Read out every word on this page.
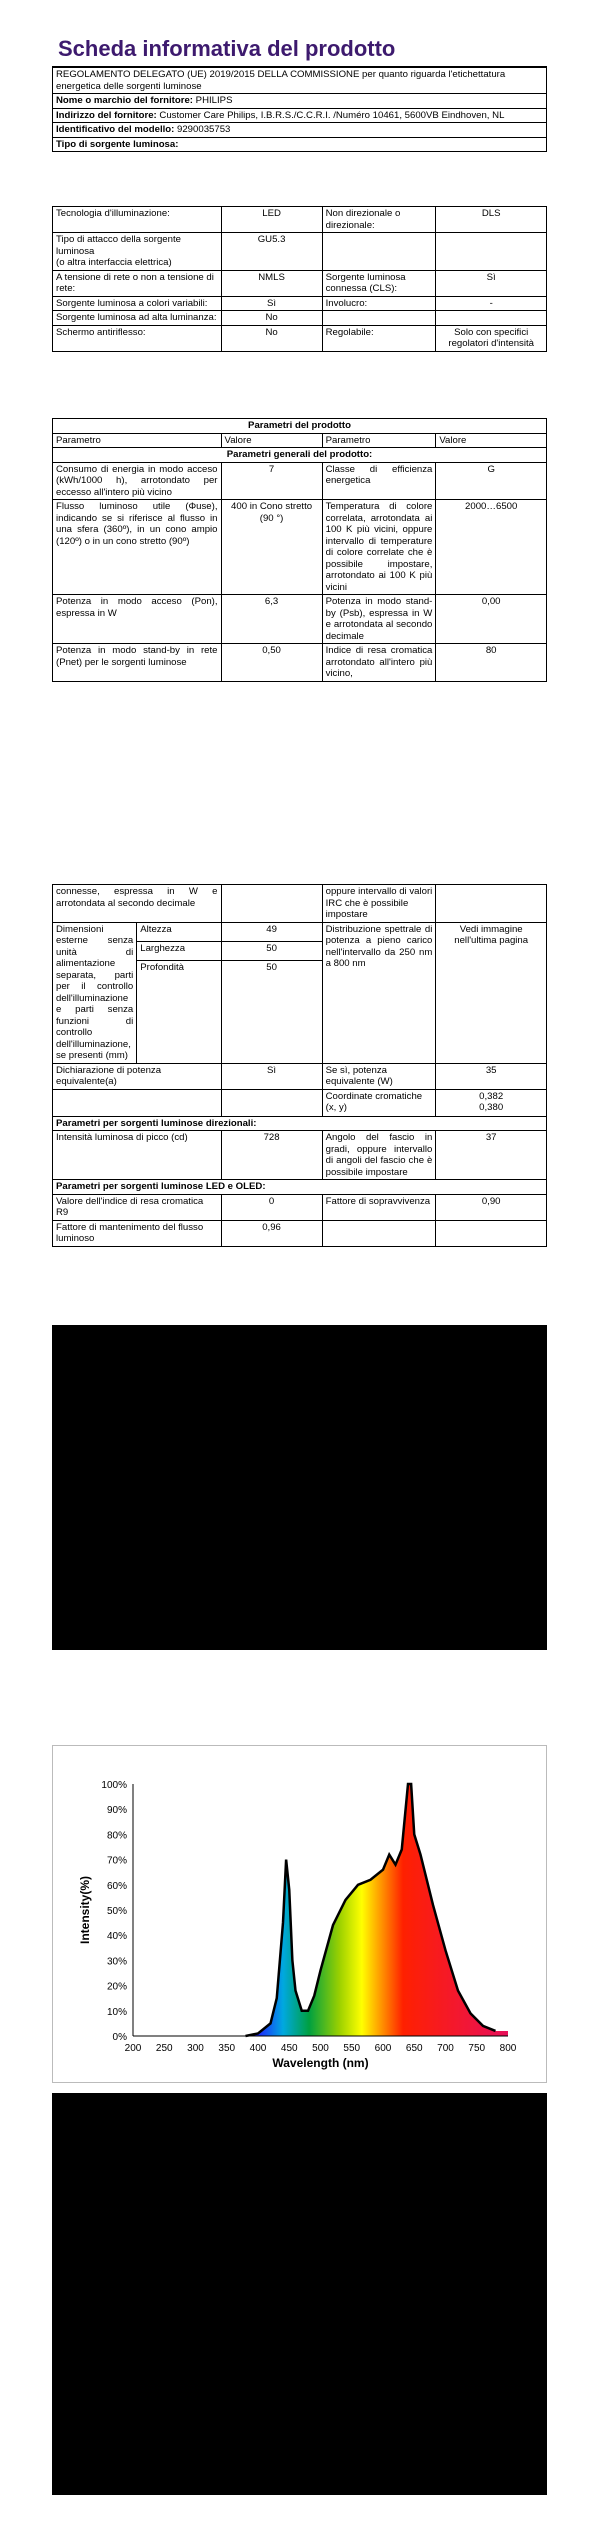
Scheda informativa del prodotto
REGOLAMENTO DELEGATO (UE) 2019/2015 DELLA COMMISSIONE per quanto riguarda l'etichettatura energetica delle sorgenti luminose
Nome o marchio del fornitore: PHILIPS
Indirizzo del fornitore: Customer Care Philips, I.B.R.S./C.C.R.I. /Numéro 10461, 5600VB Eindhoven, NL
Identificativo del modello: 9290035753
Tipo di sorgente luminosa:
Tecnologia d'illuminazione:	LED	Non direzionale o direzionale:	DLS
Tipo di attacco della sorgente luminosa
(o altra interfaccia elettrica)	GU5.3		
A tensione di rete o non a tensione di rete:	NMLS	Sorgente luminosa connessa (CLS):	Sì
Sorgente luminosa a colori variabili:	Sì	Involucro:	-
Sorgente luminosa ad alta luminanza:	No		
Schermo antiriflesso:	No	Regolabile:	Solo con specifici regolatori d'intensità
Parametri del prodotto			
Parametro	Valore	Parametro	Valore
Parametri generali del prodotto:			
Consumo di energia in modo acceso (kWh/1000 h), arrotondato per eccesso all'intero più vicino	7	Classe di efficienza energetica	G
Flusso luminoso utile (Φuse), indicando se si riferisce al flusso in una sfera (360º), in un cono ampio (120º) o in un cono stretto (90º)	400 in Cono stretto (90 °)	Temperatura di colore correlata, arrotondata ai 100 K più vicini, oppure intervallo di temperature di colore correlate che è possibile impostare, arrotondato ai 100 K più vicini	2000…6500
Potenza in modo acceso (Pon), espressa in W	6,3	Potenza in modo stand-by (Psb), espressa in W e arrotondata al secondo decimale	0,00
Potenza in modo stand-by in rete (Pnet) per le sorgenti luminose	0,50	Indice di resa cromatica arrotondato all'intero più vicino,	80
connesse, espressa in W e arrotondata al secondo decimale			oppure intervallo di valori IRC che è possibile impostare	
Dimensioni esterne senza unità di alimentazione separata, parti per il controllo dell'illuminazione e parti senza funzioni di controllo dell'illuminazione, se presenti (mm)	Altezza	49	Distribuzione spettrale di potenza a pieno carico nell'intervallo da 250 nm a 800 nm	Vedi immagine nell'ultima pagina
	Larghezza	50		
	Profondità	50		
Dichiarazione di potenza equivalente(a)		Sì	Se sì, potenza equivalente (W)	35
			Coordinate cromatiche (x, y)	0,382
0,380
Parametri per sorgenti luminose direzionali:				
Intensità luminosa di picco (cd)		728	Angolo del fascio in gradi, oppure intervallo di angoli del fascio che è possibile impostare	37
Parametri per sorgenti luminose LED e OLED:				
Valore dell'indice di resa cromatica R9		0	Fattore di sopravvivenza	0,90
Fattore di mantenimento del flusso luminoso		0,96		
0%
10%
20%
30%
40%
50%
60%
70%
80%
90%
100%
200 250 300 350 400 450 500 550 600 650 700 750 800
Wavelength (nm)
Intensity(%)
